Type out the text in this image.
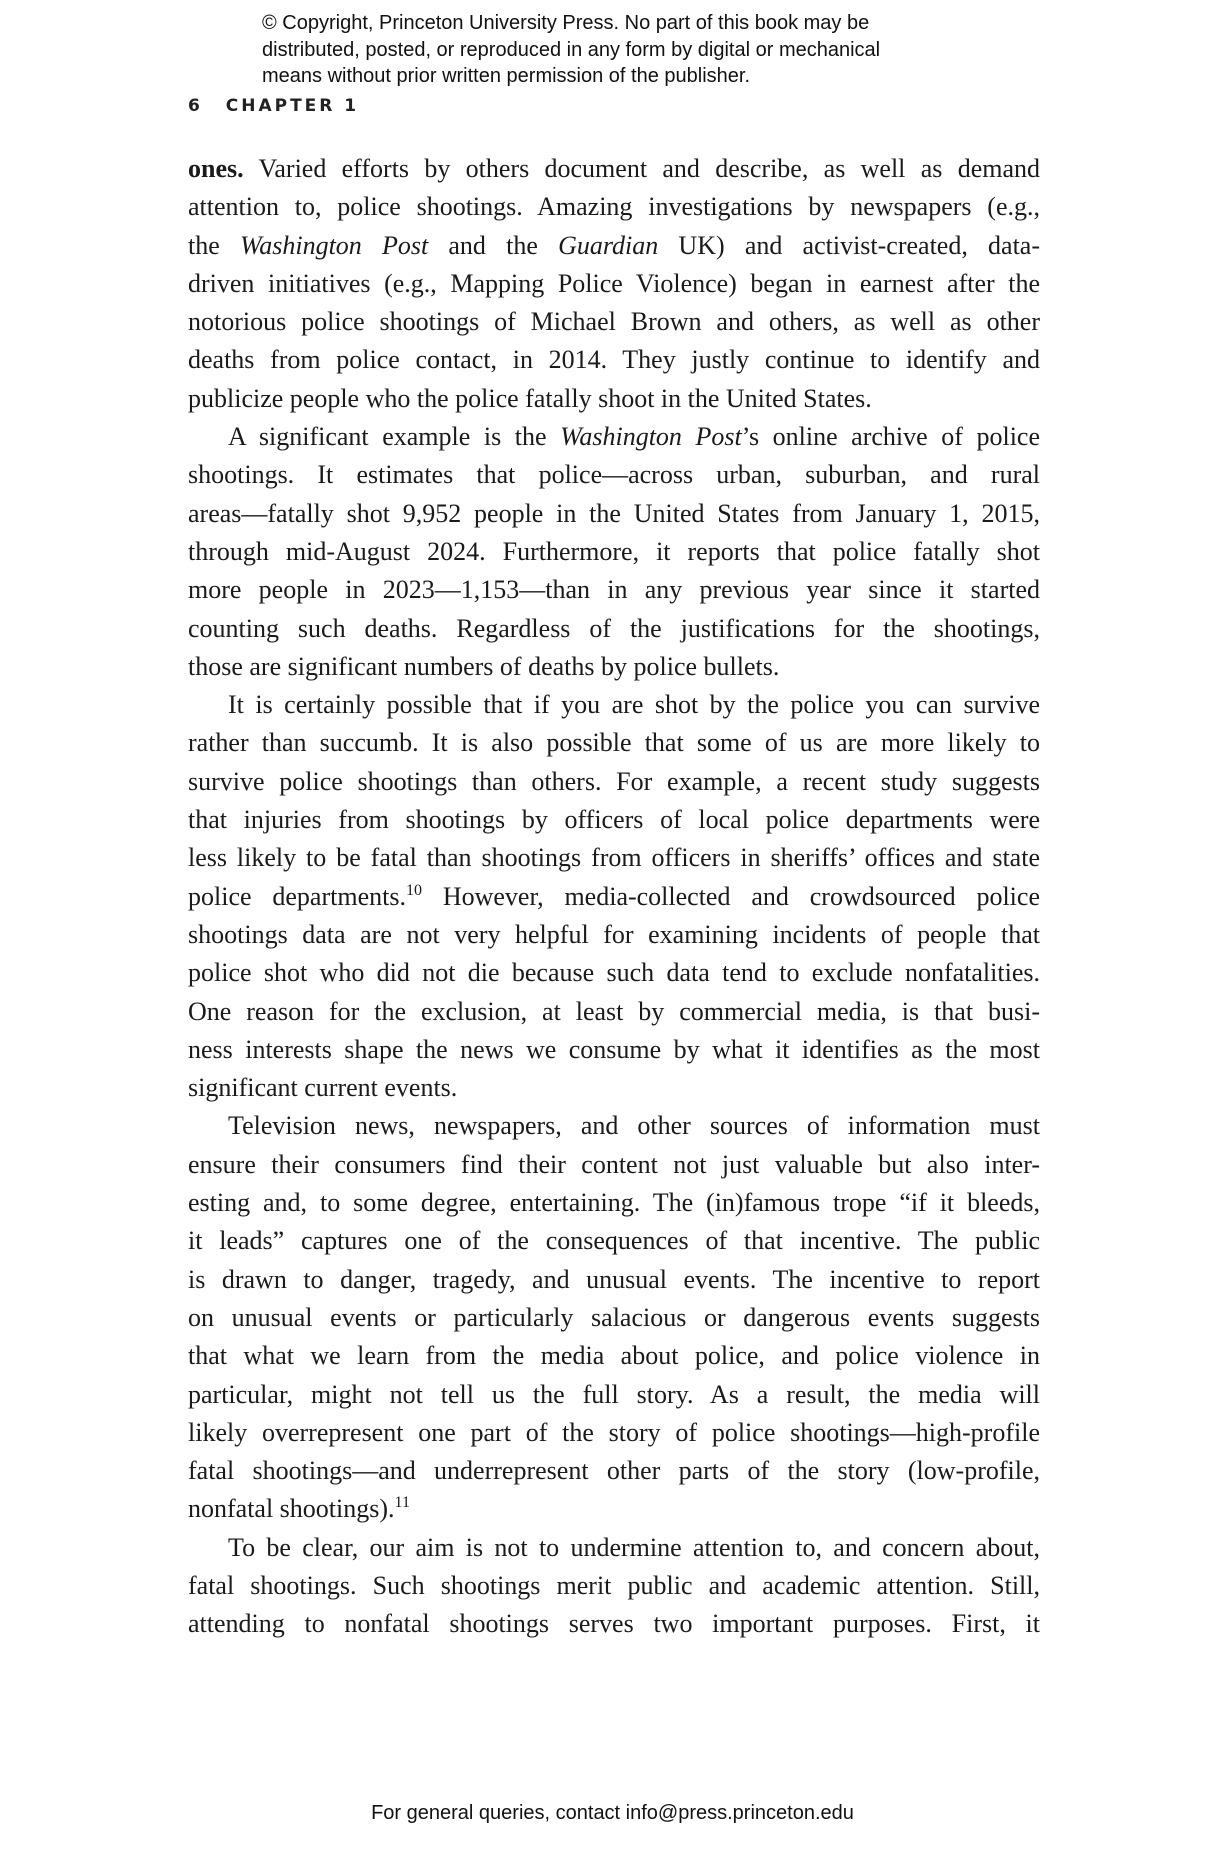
© Copyright, Princeton University Press. No part of this book may be
distributed, posted, or reproduced in any form by digital or mechanical
means without prior written permission of the publisher.
6 CHAPTER 1
ones. Varied efforts by others document and describe, as well as demand
attention to, police shootings. Amazing investigations by newspapers (e.g.,
the Washington Post and the Guardian UK) and activist-created, data-
driven initiatives (e.g., Mapping Police Violence) began in earnest after the
notorious police shootings of Michael Brown and others, as well as other
deaths from police contact, in 2014. They justly continue to identify and
publicize people who the police fatally shoot in the United States.
A significant example is the Washington Post’s online archive of police
shootings. It estimates that police—across urban, suburban, and rural
areas—fatally shot 9,952 people in the United States from January 1, 2015,
through mid-August 2024. Furthermore, it reports that police fatally shot
more people in 2023—1,153—than in any previous year since it started
counting such deaths. Regardless of the justifications for the shootings,
those are significant numbers of deaths by police bullets.
It is certainly possible that if you are shot by the police you can survive
rather than succumb. It is also possible that some of us are more likely to
survive police shootings than others. For example, a recent study suggests
that injuries from shootings by officers of local police departments were
less likely to be fatal than shootings from officers in sheriffs’ offices and state
police departments.$^{10}$ However, media-collected and crowdsourced police
shootings data are not very helpful for examining incidents of people that
police shot who did not die because such data tend to exclude nonfatalities.
One reason for the exclusion, at least by commercial media, is that busi-
ness interests shape the news we consume by what it identifies as the most
significant current events.
Television news, newspapers, and other sources of information must
ensure their consumers find their content not just valuable but also inter-
esting and, to some degree, entertaining. The (in)famous trope “if it bleeds,
it leads” captures one of the consequences of that incentive. The public
is drawn to danger, tragedy, and unusual events. The incentive to report
on unusual events or particularly salacious or dangerous events suggests
that what we learn from the media about police, and police violence in
particular, might not tell us the full story. As a result, the media will
likely overrepresent one part of the story of police shootings—high-profile
fatal shootings—and underrepresent other parts of the story (low-profile,
nonfatal shootings).$^{11}$
To be clear, our aim is not to undermine attention to, and concern about,
fatal shootings. Such shootings merit public and academic attention. Still,
attending to nonfatal shootings serves two important purposes. First, it
For general queries, contact info@press.princeton.edu
